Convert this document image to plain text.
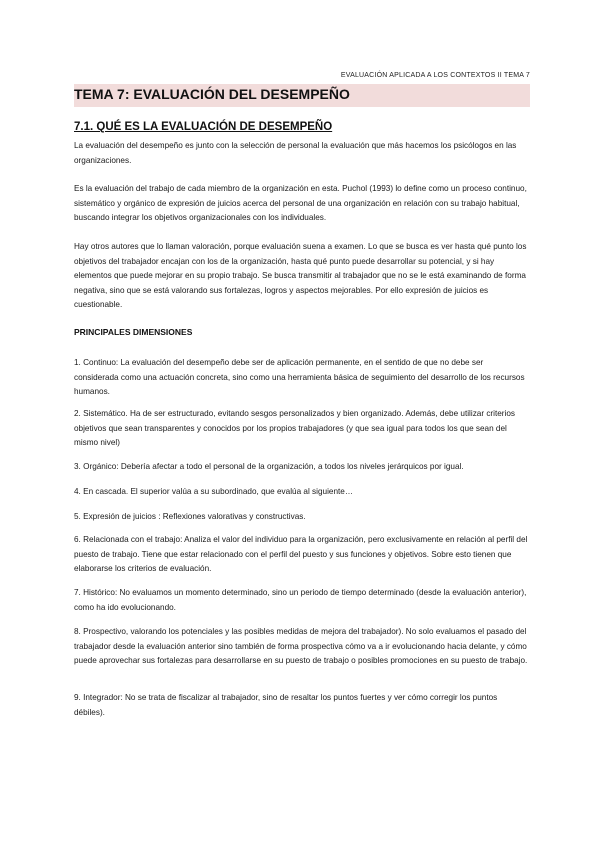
EVALUACIÓN APLICADA A LOS CONTEXTOS II TEMA 7
TEMA 7: EVALUACIÓN DEL DESEMPEÑO
7.1. QUÉ ES LA EVALUACIÓN DE DESEMPEÑO

La evaluación del desempeño es junto con la selección de personal la evaluación que más hacemos los psicólogos en las organizaciones.

Es la evaluación del trabajo de cada miembro de la organización en esta. Puchol (1993) lo define como un proceso continuo, sistemático y orgánico de expresión de juicios acerca del personal de una organización en relación con su trabajo habitual, buscando integrar los objetivos organizacionales con los individuales.

Hay otros autores que lo llaman valoración, porque evaluación suena a examen. Lo que se busca es ver hasta qué punto los objetivos del trabajador encajan con los de la organización, hasta qué punto puede desarrollar su potencial, y si hay elementos que puede mejorar en su propio trabajo. Se busca transmitir al trabajador que no se le está examinando de forma negativa, sino que se está valorando sus fortalezas, logros y aspectos mejorables. Por ello expresión de juicios es cuestionable.

PRINCIPALES DIMENSIONES

1. Continuo: La evaluación del desempeño debe ser de aplicación permanente, en el sentido de que no debe ser considerada como una actuación concreta, sino como una herramienta básica de seguimiento del desarrollo de los recursos humanos.

2. Sistemático. Ha de ser estructurado, evitando sesgos personalizados y bien organizado. Además, debe utilizar criterios objetivos que sean transparentes y conocidos por los propios trabajadores (y que sea igual para todos los que sean del mismo nivel)

3. Orgánico: Debería afectar a todo el personal de la organización, a todos los niveles jerárquicos por igual.

4. En cascada. El superior valúa a su subordinado, que evalúa al siguiente…

5. Expresión de juicios : Reflexiones valorativas y constructivas.

6. Relacionada con el trabajo: Analiza el valor del individuo para la organización, pero exclusivamente en relación al perfil del puesto de trabajo. Tiene que estar relacionado con el perfil del puesto y sus funciones y objetivos. Sobre esto tienen que elaborarse los criterios de evaluación.

7. Histórico: No evaluamos un momento determinado, sino un periodo de tiempo determinado (desde la evaluación anterior), como ha ido evolucionando.

8. Prospectivo, valorando los potenciales y las posibles medidas de mejora del trabajador). No solo evaluamos el pasado del trabajador desde la evaluación anterior sino también de forma prospectiva cómo va a ir evolucionando hacia delante, y cómo puede aprovechar sus fortalezas para desarrollarse en su puesto de trabajo o posibles promociones en su puesto de trabajo.

9. Integrador: No se trata de fiscalizar al trabajador, sino de resaltar los puntos fuertes y ver cómo corregir los puntos débiles).
